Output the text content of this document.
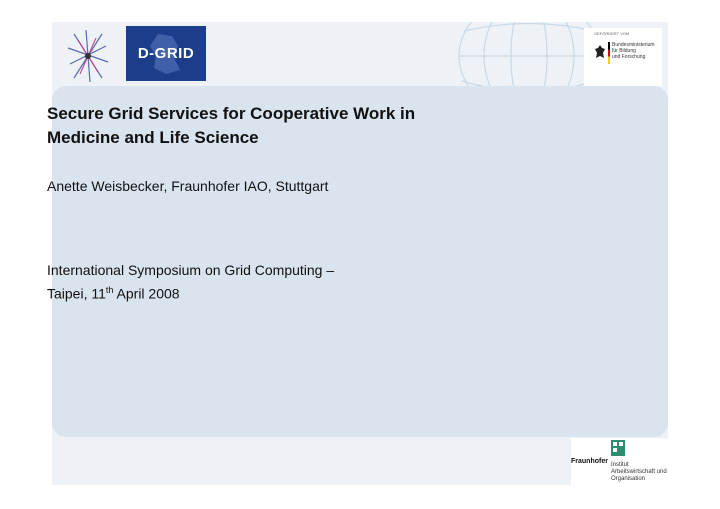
D-GRID
GEFÖRDERT VOM
Bundesministerium
für Bildung
und Forschung
Secure Grid Services for Cooperative Work in
Medicine and Life Science
Anette Weisbecker, Fraunhofer IAO, Stuttgart
International Symposium on Grid Computing –
Taipei, 11th April 2008
IAO
Fraunhofer Institut
Arbeitswirtschaft und
Organisation
